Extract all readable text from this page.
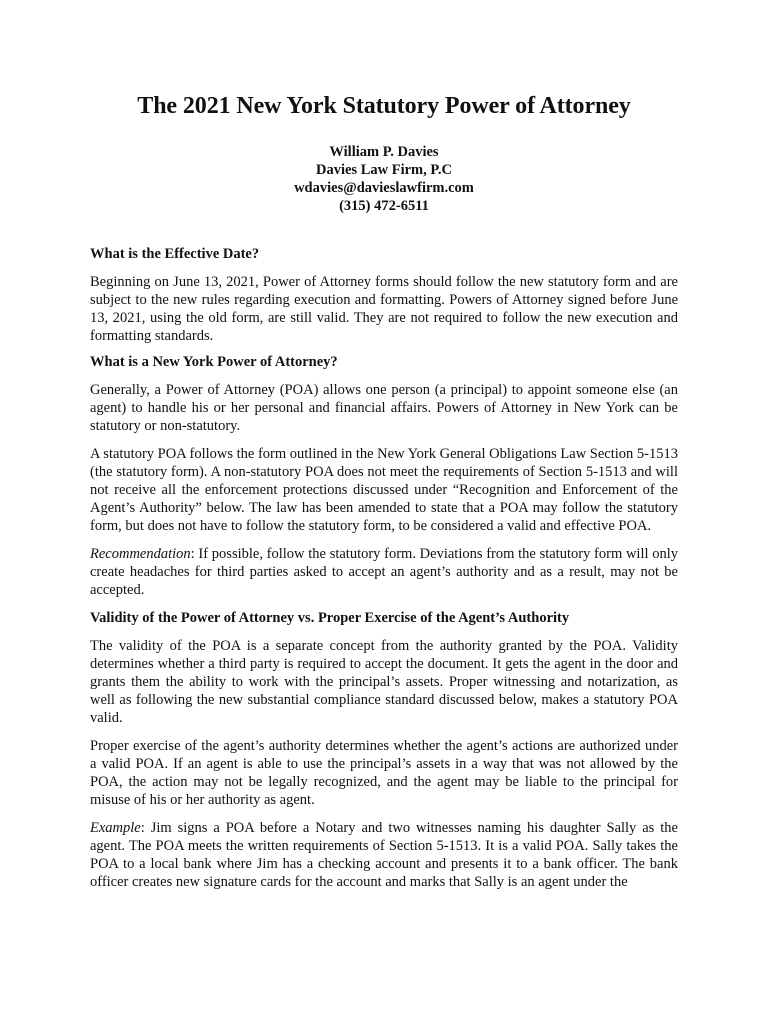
The 2021 New York Statutory Power of Attorney
William P. Davies
Davies Law Firm, P.C
wdavies@davieslawfirm.com
(315) 472-6511
What is the Effective Date?

Beginning on June 13, 2021, Power of Attorney forms should follow the new statutory form and are subject to the new rules regarding execution and formatting. Powers of Attorney signed before June 13, 2021, using the old form, are still valid. They are not required to follow the new execution and formatting standards.

What is a New York Power of Attorney?

Generally, a Power of Attorney (POA) allows one person (a principal) to appoint someone else (an agent) to handle his or her personal and financial affairs. Powers of Attorney in New York can be statutory or non-statutory.

A statutory POA follows the form outlined in the New York General Obligations Law Section 5-1513 (the statutory form). A non-statutory POA does not meet the requirements of Section 5-1513 and will not receive all the enforcement protections discussed under “Recognition and Enforcement of the Agent’s Authority” below. The law has been amended to state that a POA may follow the statutory form, but does not have to follow the statutory form, to be considered a valid and effective POA.

Recommendation: If possible, follow the statutory form. Deviations from the statutory form will only create headaches for third parties asked to accept an agent’s authority and as a result, may not be accepted.

Validity of the Power of Attorney vs. Proper Exercise of the Agent’s Authority

The validity of the POA is a separate concept from the authority granted by the POA. Validity determines whether a third party is required to accept the document. It gets the agent in the door and grants them the ability to work with the principal’s assets. Proper witnessing and notarization, as well as following the new substantial compliance standard discussed below, makes a statutory POA valid.

Proper exercise of the agent’s authority determines whether the agent’s actions are authorized under a valid POA. If an agent is able to use the principal’s assets in a way that was not allowed by the POA, the action may not be legally recognized, and the agent may be liable to the principal for misuse of his or her authority as agent.

Example: Jim signs a POA before a Notary and two witnesses naming his daughter Sally as the agent. The POA meets the written requirements of Section 5-1513. It is a valid POA. Sally takes the POA to a local bank where Jim has a checking account and presents it to a bank officer. The bank officer creates new signature cards for the account and marks that Sally is an agent under the
